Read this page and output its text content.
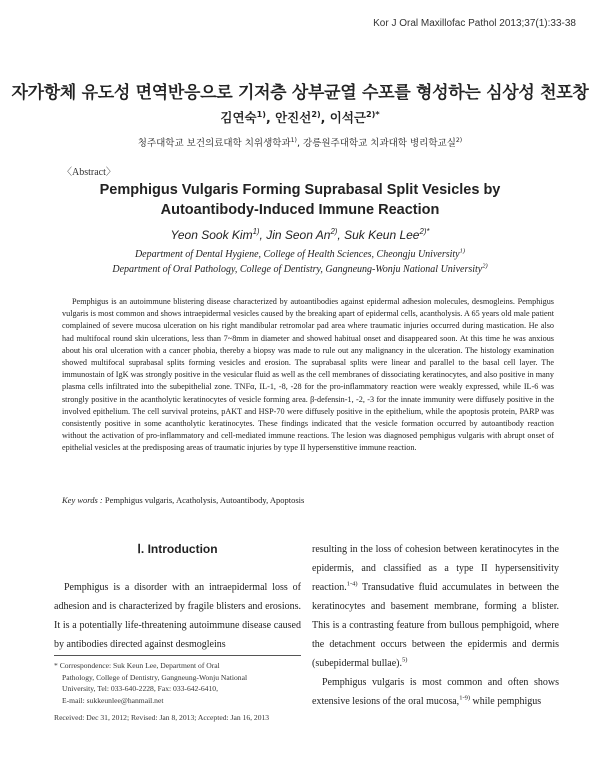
Kor J Oral Maxillofac Pathol 2013;37(1):33-38
자가항체 유도성 면역반응으로 기저층 상부균열 수포를 형성하는 심상성 천포창
김연숙$^{1)}$, 안진선$^{2)}$, 이석근$^{2)*}$
청주대학교 보건의료대학 치위생학과$^{1)}$, 강릉원주대학교 치과대학 병리학교실$^{2)}$
〈Abstract〉
Pemphigus Vulgaris Forming Suprabasal Split Vesicles by
Autoantibody-Induced Immune Reaction
Yeon Sook Kim$^{1)}$, Jin Seon An$^{2)}$, Suk Keun Lee$^{2)*}$
Department of Dental Hygiene, College of Health Sciences, Cheongju University$^{1)}$
Department of Oral Pathology, College of Dentistry, Gangneung-Wonju National University$^{2)}$

Pemphigus is an autoimmune blistering disease characterized by autoantibodies against epidermal adhesion molecules, desmogleins. Pemphigus vulgaris is most common and shows intraepidermal vesicles caused by the breaking apart of epidermal cells, acantholysis. A 65 years old male patient complained of severe mucosa ulceration on his right mandibular retromolar pad area where traumatic injuries occurred during mastication. He also had multifocal round skin ulcerations, less than 7~8mm in diameter and showed habitual onset and disappeared soon. At this time he was anxious about his oral ulceration with a cancer phobia, thereby a biopsy was made to rule out any malignancy in the ulceration. The histology examination showed multifocal suprabasal splits forming vesicles and erosion. The suprabasal splits were linear and parallel to the basal cell layer. The immunostain of IgK was strongly positive in the vesicular fluid as well as the cell membranes of dissociating keratinocytes, and also positive in many plasma cells infiltrated into the subepithelial zone. TNFα, IL-1, -8, -28 for the pro-inflammatory reaction were weakly expressed, while IL-6 was strongly positive in the acantholytic keratinocytes of vesicle forming area. β-defensin-1, -2, -3 for the innate immunity were diffusely positive in the involved epithelium. The cell survival proteins, pAKT and HSP-70 were diffusely positive in the epithelium, while the apoptosis protein, PARP was consistently positive in some acantholytic keratinocytes. These findings indicated that the vesicle formation occurred by autoantibody reaction without the activation of pro-inflammatory and cell-mediated immune reactions. The lesion was diagnosed pemphigus vulgaris with abrupt onset of epithelial vesicles at the predisposing areas of traumatic injuries by type II hypersenstitive immune reaction.

Key words : Pemphigus vulgaris, Acatholysis, Autoantibody, Apoptosis
Ⅰ. Introduction

Pemphigus is a disorder with an intraepidermal loss of adhesion and is characterized by fragile blisters and erosions. It is a potentially life-threatening autoimmune disease caused by antibodies directed against desmogleins

resulting in the loss of cohesion between keratinocytes in the epidermis, and classified as a type II hypersensitivity reaction.$^{1-4)}$ Transudative fluid accumulates in between the keratinocytes and basement membrane, forming a blister. This is a contrasting feature from bullous pemphigoid, where the detachment occurs between the epidermis and dermis (subepidermal bullae).$^{5)}$

Pemphigus vulgaris is most common and often shows extensive lesions of the oral mucosa,$^{1-9)}$ while pemphigus

* Correspondence: Suk Keun Lee, Department of Oral
Pathology, College of Dentistry, Gangneung-Wonju National
University, Tel: 033-640-2228, Fax: 033-642-6410,
E-mail: sukkeunlee@hanmail.net
Received: Dec 31, 2012; Revised: Jan 8, 2013; Accepted: Jan 16, 2013
